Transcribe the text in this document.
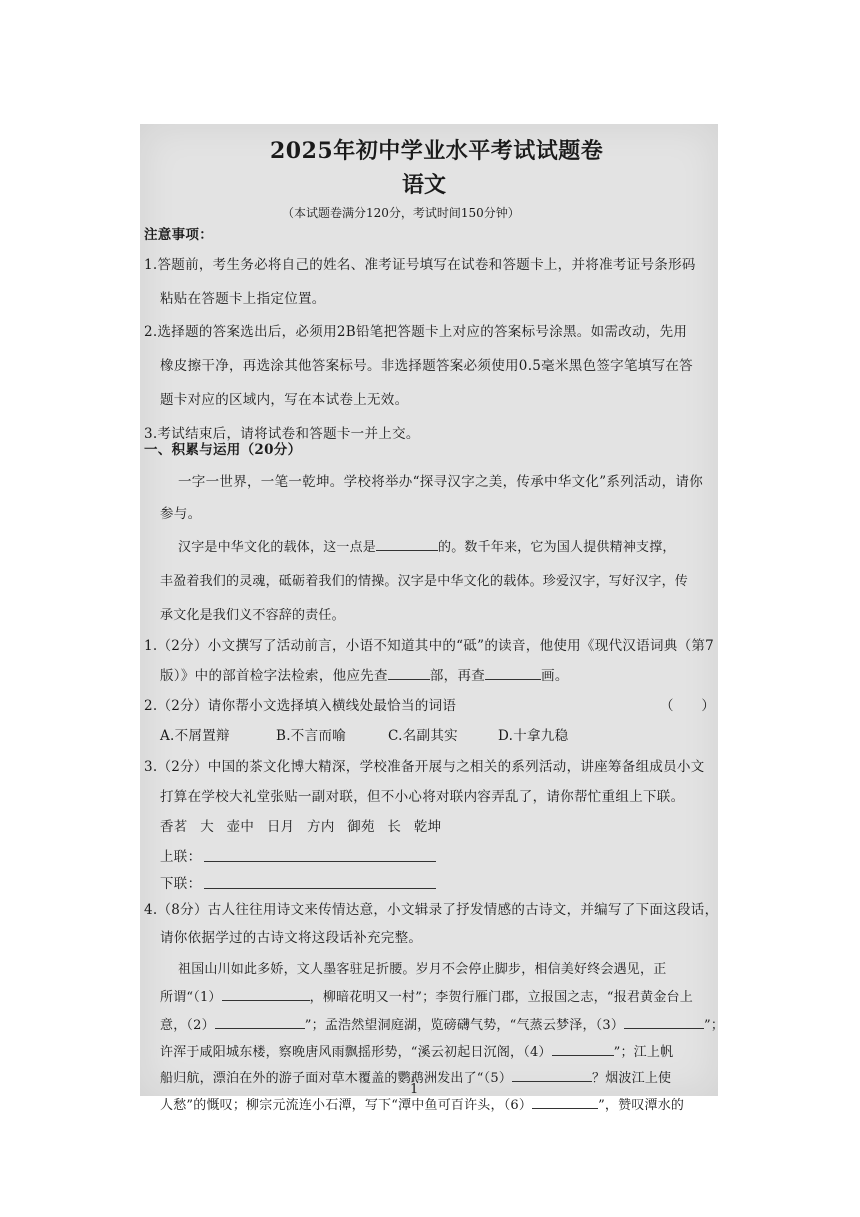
2025年初中学业水平考试试题卷
语文
（本试题卷满分120分，考试时间150分钟）
注意事项：
1.答题前，考生务必将自己的姓名、准考证号填写在试卷和答题卡上，并将准考证号条形码
粘贴在答题卡上指定位置。
2.选择题的答案选出后，必须用2B铅笔把答题卡上对应的答案标号涂黑。如需改动，先用
橡皮擦干净，再选涂其他答案标号。非选择题答案必须使用0.5毫米黑色签字笔填写在答
题卡对应的区域内，写在本试卷上无效。
3.考试结束后，请将试卷和答题卡一并上交。
一、积累与运用（20分）
一字一世界，一笔一乾坤。学校将举办“探寻汉字之美，传承中华文化”系列活动，请你
参与。
汉字是中华文化的载体，这一点是	的。数千年来，它为国人提供精神支撑，
丰盈着我们的灵魂，砥砺着我们的情操。汉字是中华文化的载体。珍爱汉字，写好汉字，传
承文化是我们义不容辞的责任。
1.（2分）小文撰写了活动前言，小语不知道其中的“砥”的读音，他使用《现代汉语词典（第7
版）》中的部首检字法检索，他应先查	部，再查	画。
2.（2分）请你帮小文选择填入横线处最恰当的词语	（　　）
A.不屑置辩	B.不言而喻	C.名副其实	D.十拿九稳
3.（2分）中国的茶文化博大精深，学校准备开展与之相关的系列活动，讲座筹备组成员小文
打算在学校大礼堂张贴一副对联，但不小心将对联内容弄乱了，请你帮忙重组上下联。
香茗 大 壶中 日月 方内 御苑 长 乾坤
上联：
下联：
4.（8分）古人往往用诗文来传情达意，小文辑录了抒发情感的古诗文，并编写了下面这段话，
请你依据学过的古诗文将这段话补充完整。
祖国山川如此多娇，文人墨客驻足折腰。岁月不会停止脚步，相信美好终会遇见，正
所谓“（1）	，柳暗花明又一村”；李贺行雁门郡，立报国之志，“报君黄金台上
意，（2）	”；孟浩然望洞庭湖，览磅礴气势，“气蒸云梦泽，（3）	”；
许浑于咸阳城东楼，察晚唐风雨飘摇形势，“溪云初起日沉阁，（4）	”；江上帆
船归航，漂泊在外的游子面对草木覆盖的鹦鹉洲发出了“（5）	？烟波江上使
人愁”的慨叹；柳宗元流连小石潭，写下“潭中鱼可百许头，（6）	”，赞叹潭水的
1
